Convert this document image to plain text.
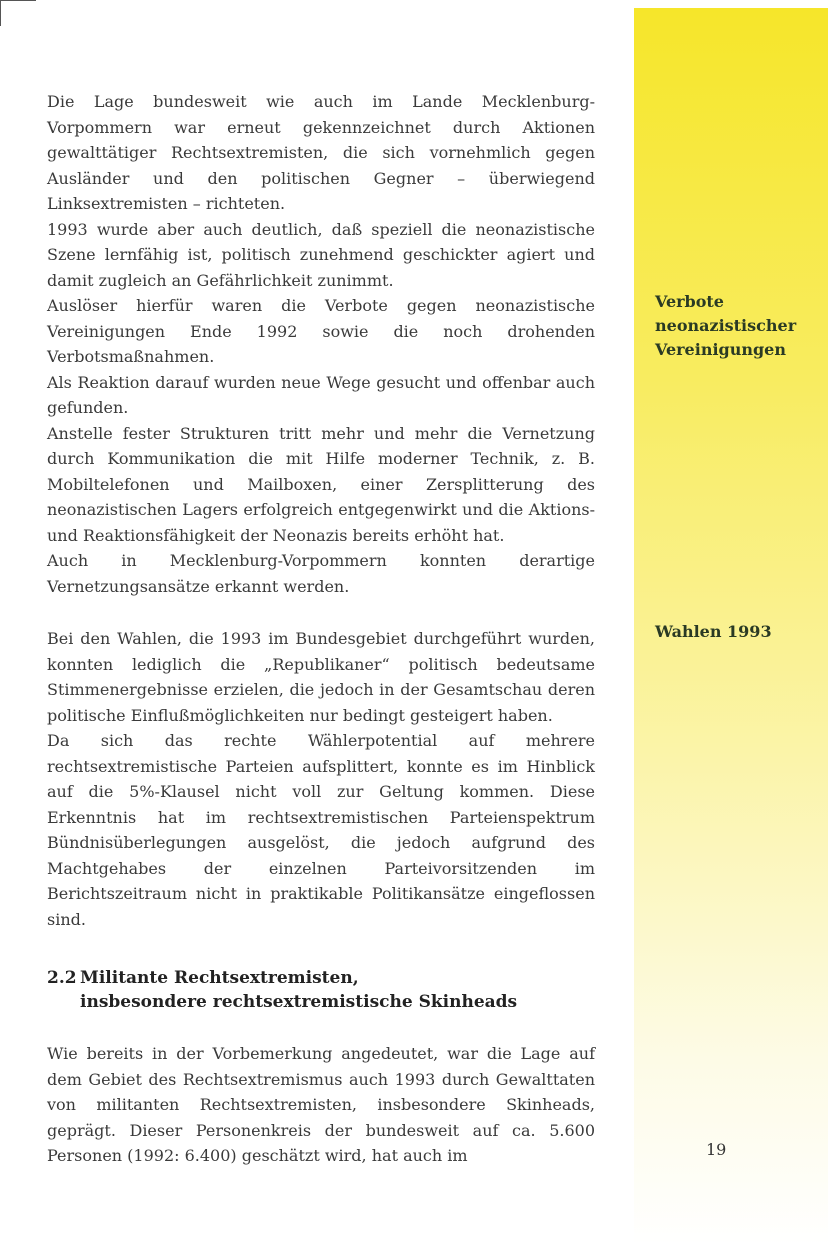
Verbote
neonazistischer
Vereinigungen
Wahlen 1993

Die Lage bundesweit wie auch im Lande Mecklenburg-Vorpommern war erneut gekennzeichnet durch Aktionen gewalttätiger Rechtsextremisten, die sich vornehmlich gegen Ausländer und den politischen Gegner – überwiegend Linksextremisten – richteten.

1993 wurde aber auch deutlich, daß speziell die neonazistische Szene lernfähig ist, politisch zunehmend geschickter agiert und damit zugleich an Gefährlichkeit zunimmt.

Auslöser hierfür waren die Verbote gegen neonazistische Vereinigungen Ende 1992 sowie die noch drohenden Verbotsmaßnahmen.

Als Reaktion darauf wurden neue Wege gesucht und offenbar auch gefunden.

Anstelle fester Strukturen tritt mehr und mehr die Vernetzung durch Kommunikation die mit Hilfe moderner Technik, z. B. Mobiltelefonen und Mailboxen, einer Zersplitterung des neonazistischen Lagers erfolgreich entgegenwirkt und die Aktions- und Reaktionsfähigkeit der Neonazis bereits erhöht hat.

Auch in Mecklenburg-Vorpommern konnten derartige Vernetzungsansätze erkannt werden.

Bei den Wahlen, die 1993 im Bundesgebiet durchgeführt wurden, konnten lediglich die „Republikaner“ politisch bedeutsame Stimmenergebnisse erzielen, die jedoch in der Gesamtschau deren politische Einflußmöglichkeiten nur bedingt gesteigert haben.

Da sich das rechte Wählerpotential auf mehrere rechtsextremistische Parteien aufsplittert, konnte es im Hinblick auf die 5%-Klausel nicht voll zur Geltung kommen. Diese Erkenntnis hat im rechtsextremistischen Parteienspektrum Bündnisüberlegungen ausgelöst, die jedoch aufgrund des Machtgehabes der einzelnen Parteivorsitzenden im Berichtszeitraum nicht in praktikable Politikansätze eingeflossen sind.

2.2 Militante Rechtsextremisten,
insbesondere rechtsextremistische Skinheads

Wie bereits in der Vorbemerkung angedeutet, war die Lage auf dem Gebiet des Rechtsextremismus auch 1993 durch Gewalttaten von militanten Rechtsextremisten, insbesondere Skinheads, geprägt. Dieser Personenkreis der bundesweit auf ca. 5.600 Personen (1992: 6.400) geschätzt wird, hat auch im	19
